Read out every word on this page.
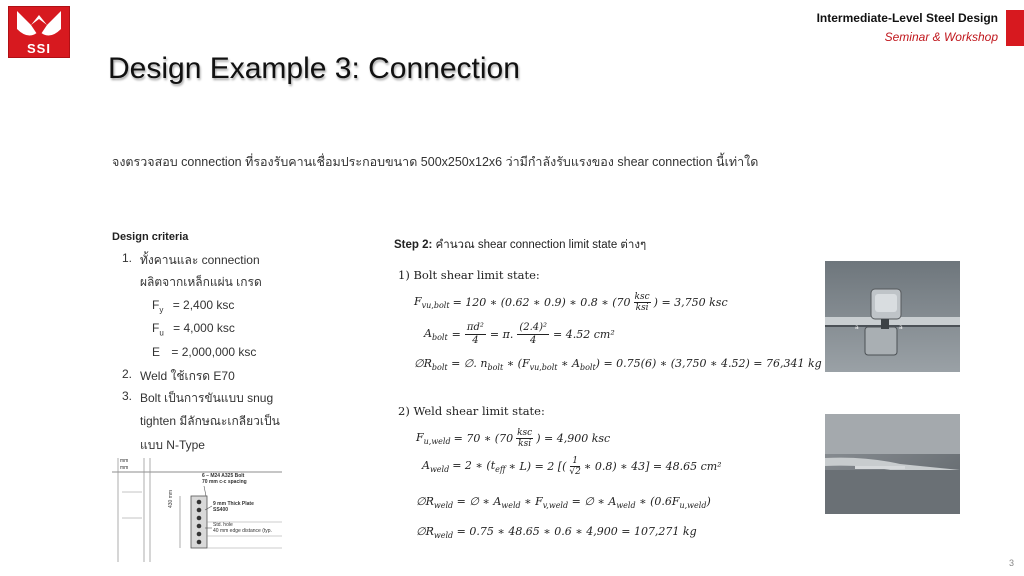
SSI
Intermediate-Level Steel Design
Seminar & Workshop
Design Example 3: Connection
จงตรวจสอบ connection ที่รองรับคานเชื่อมประกอบขนาด 500x250x12x6 ว่ามีกำลังรับแรงของ shear connection นี้เท่าใด
Design criteria
1. ทั้งคานและ connection
ผลิตจากเหล็กแผ่น เกรด
$F_y = 2,400$ ksc
$F_u = 4,000$ ksc
E = 2,000,000 ksc
2. Weld ใช้เกรด E70
3. Bolt เป็นการขันแบบ snug
tighten มีลักษณะเกลียวเป็น
แบบ N-Type
mm
mm
6 – M24 A325 Bolt
70 mm c-c spacing
9 mm Thick Plate
SS400
Std. hole
40 mm edge distance (typ.
430 mm
Step 2: คำนวณ shear connection limit state ต่างๆ
1) Bolt shear limit state:
$F_{vu,bolt} = 120$ ∗ (0.62 ∗ 0.9) ∗ 0.8 ∗ (70 ksc
ksi ) = 3,750 ksc
$A_{bolt} = \frac{\text{πd²}}{4} = \pi$. $\frac{\text{(2.4)²}}{4} = 4.52$ cm²
$\emptyset R_{bolt}$ = ∅. $n_{bolt}$ ∗ ($F_{vu,bolt}$ ∗ $A_{bolt}) = 0.75(6)$ ∗ (3,750 ∗ 4.52) = 76,341 kg
2) Weld shear limit state:
$F_{u,weld} = 70$ ∗ (70 ksc
ksi ) = 4,900 ksc
$A_{weld} = 2$ ∗ ($t_{eff}$ ∗ L) = 2 [( $\frac{1}{√2}$ ∗ 0.8) ∗ 43] = 48.65 cm²
$\emptyset R_{weld}$ = ∅ ∗ $A_{weld}$ ∗ $F_{v,weld}$ = ∅ ∗ $A_{weld}$ ∗ $(0.6F_{u,weld})$
$\emptyset R_{weld} = 0.75$ ∗ 48.65 ∗ 0.6 ∗ 4,900 = 107,271 kg
a	a
3
